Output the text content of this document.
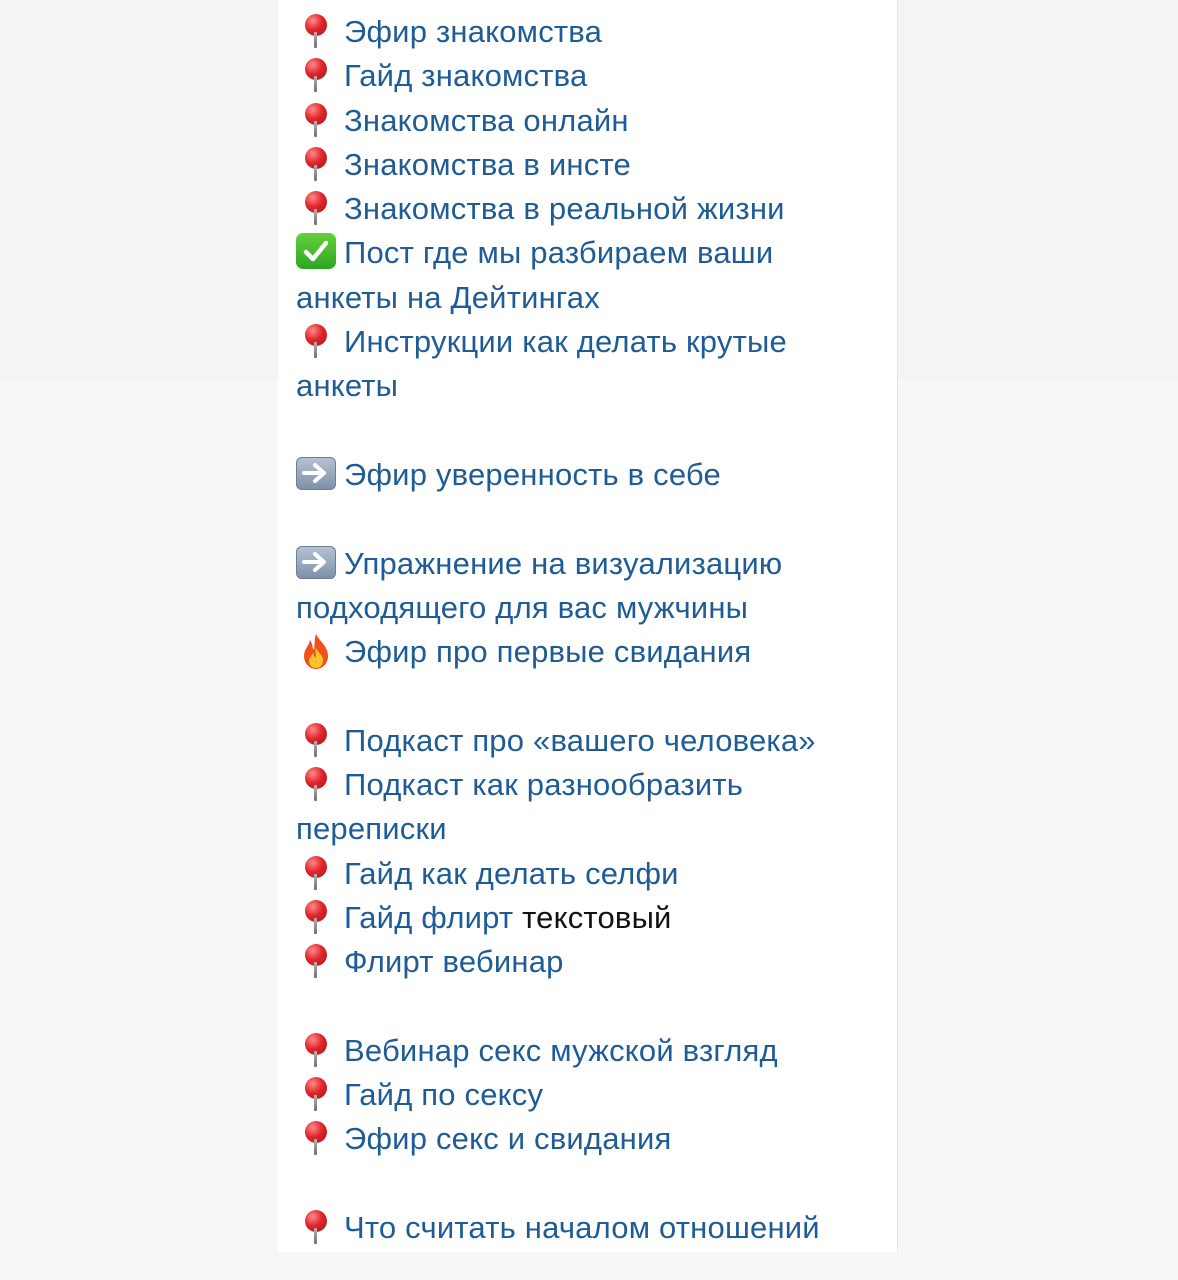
Эфир знакомства
Гайд знакомства
Знакомства онлайн
Знакомства в инсте
Знакомства в реальной жизни
Пост где мы разбираем ваши
анкеты на Дейтингах
Инструкции как делать крутые
анкеты
Эфир уверенность в себе
Упражнение на визуализацию
подходящего для вас мужчины
Эфир про первые свидания
Подкаст про «вашего человека»
Подкаст как разнообразить
переписки
Гайд как делать селфи
Гайд флирт текстовый
Флирт вебинар
Вебинар секс мужской взгляд
Гайд по сексу
Эфир секс и свидания
Что считать началом отношений
